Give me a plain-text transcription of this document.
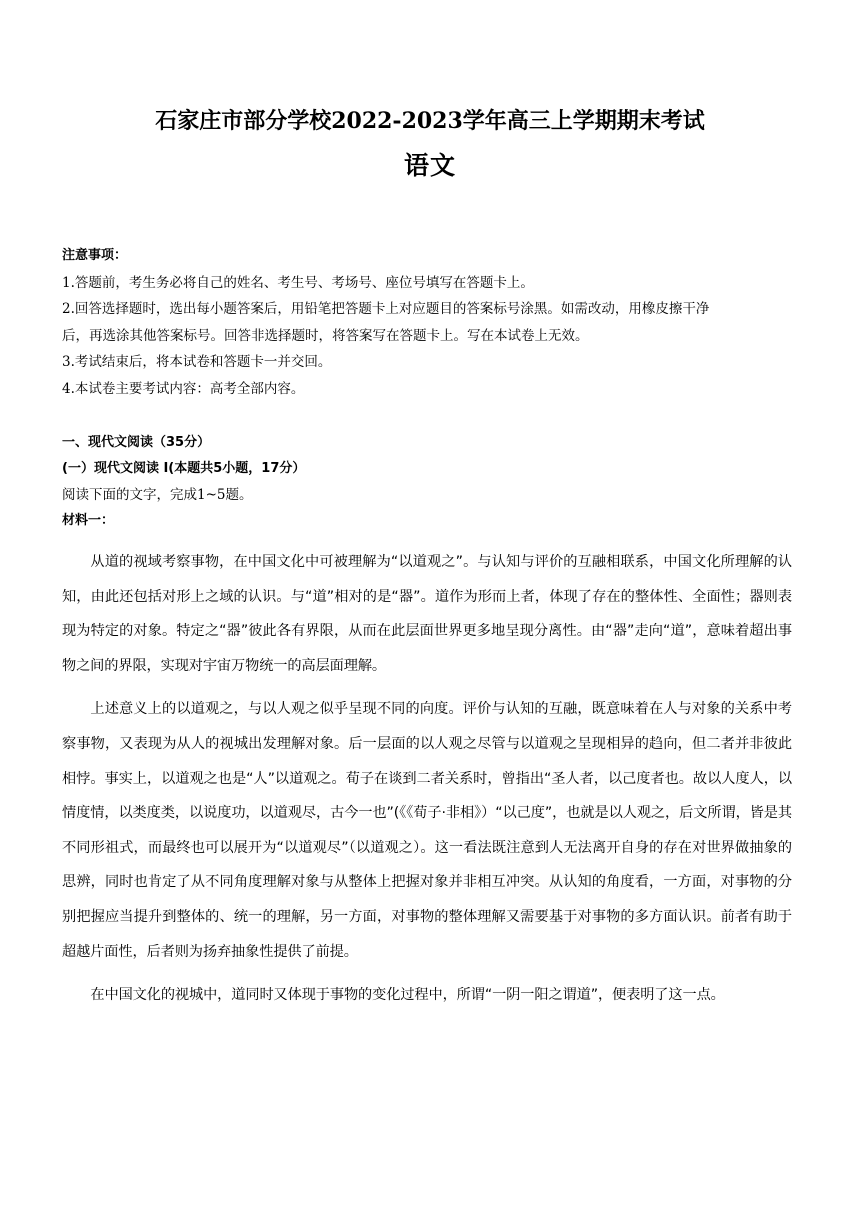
石家庄市部分学校2022-2023学年高三上学期期末考试
语文
注意事项：
1.答题前，考生务必将自己的姓名、考生号、考场号、座位号填写在答题卡上。
2.回答选择题时，选出每小题答案后，用铅笔把答题卡上对应题目的答案标号涂黑。如需改动，用橡皮擦干净
后，再选涂其他答案标号。回答非选择题时，将答案写在答题卡上。写在本试卷上无效。
3.考试结束后，将本试卷和答题卡一并交回。
4.本试卷主要考试内容：高考全部内容。
一、现代文阅读（35分）
(一）现代文阅读 I(本题共5小题，17分）
阅读下面的文字，完成1~5题。
材料一：

从道的视域考察事物，在中国文化中可被理解为“以道观之”。与认知与评价的互融相联系，中国文化所理解的认知，由此还包括对形上之域的认识。与“道”相对的是“器”。道作为形而上者，体现了存在的整体性、全面性；器则表现为特定的对象。特定之“器”彼此各有界限，从而在此层面世界更多地呈现分离性。由“器”走向“道”，意味着超出事物之间的界限，实现对宇宙万物统一的高层面理解。

上述意义上的以道观之，与以人观之似乎呈现不同的向度。评价与认知的互融，既意味着在人与对象的关系中考察事物，又表现为从人的视城出发理解对象。后一层面的以人观之尽管与以道观之呈现相异的趋向，但二者并非彼此相悖。事实上，以道观之也是“人”以道观之。荀子在谈到二者关系时，曾指出“圣人者，以己度者也。故以人度人，以情度情，以类度类，以说度功，以道观尽，古今一也”(《《荀子·非相》）“以己度”，也就是以人观之，后文所谓，皆是其不同形祖式，而最终也可以展开为“以道观尽”（以道观之）。这一看法既注意到人无法离开自身的存在对世界做抽象的思辨，同时也肯定了从不同角度理解对象与从整体上把握对象并非相互冲突。从认知的角度看，一方面，对事物的分别把握应当提升到整体的、统一的理解，另一方面，对事物的整体理解又需要基于对事物的多方面认识。前者有助于超越片面性，后者则为扬弃抽象性提供了前提。

在中国文化的视城中，道同时又体现于事物的变化过程中，所谓“一阴一阳之谓道”，便表明了这一点。
